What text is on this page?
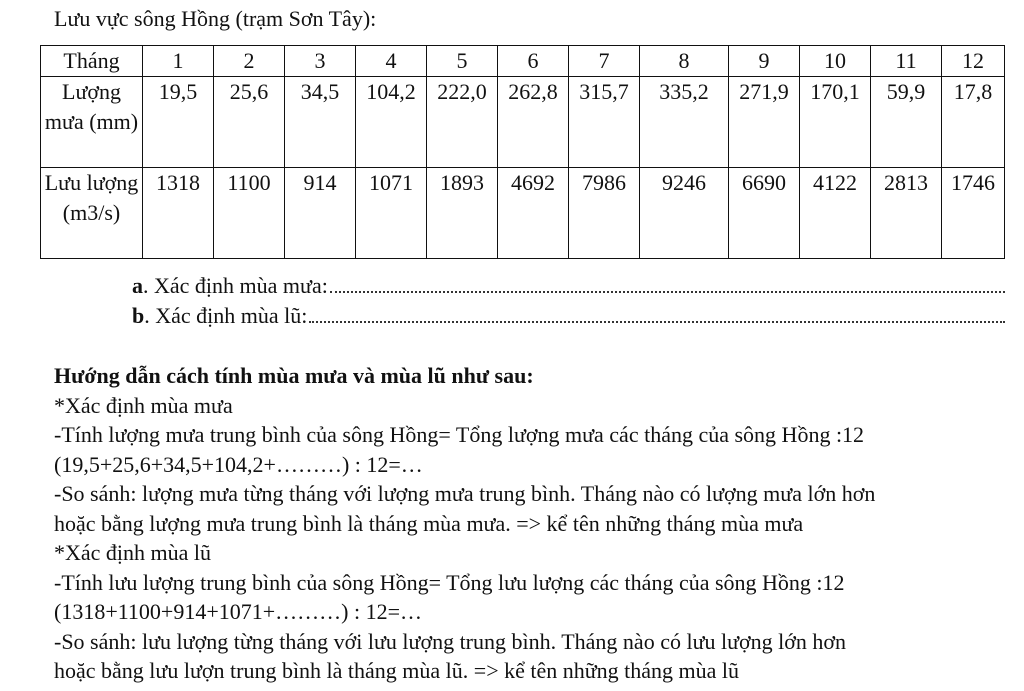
Lưu vực sông Hồng (trạm Sơn Tây):
Tháng	1	2	3	4	5	6	7	8	9	10	11	12
Lượng mưa (mm)	19,5	25,6	34,5	104,2	222,0	262,8	315,7	335,2	271,9	170,1	59,9	17,8
Lưu lượng (m3/s)	1318	1100	914	1071	1893	4692	7986	9246	6690	4122	2813	1746
a . Xác định mùa mưa:
b . Xác định mùa lũ:
Hướng dẫn cách tính mùa mưa và mùa lũ như sau:
*Xác định mùa mưa
-Tính lượng mưa trung bình của sông Hồng= Tổng lượng mưa các tháng của sông Hồng :12
(19,5+25,6+34,5+104,2+………) : 12=…
-So sánh: lượng mưa từng tháng với lượng mưa trung bình. Tháng nào có lượng mưa lớn hơn
hoặc bằng lượng mưa trung bình là tháng mùa mưa. => kể tên những tháng mùa mưa
*Xác định mùa lũ
-Tính lưu lượng trung bình của sông Hồng= Tổng lưu lượng các tháng của sông Hồng :12
(1318+1100+914+1071+………) : 12=…
-So sánh: lưu lượng từng tháng với lưu lượng trung bình. Tháng nào có lưu lượng lớn hơn
hoặc bằng lưu lượn trung bình là tháng mùa lũ. => kể tên những tháng mùa lũ
